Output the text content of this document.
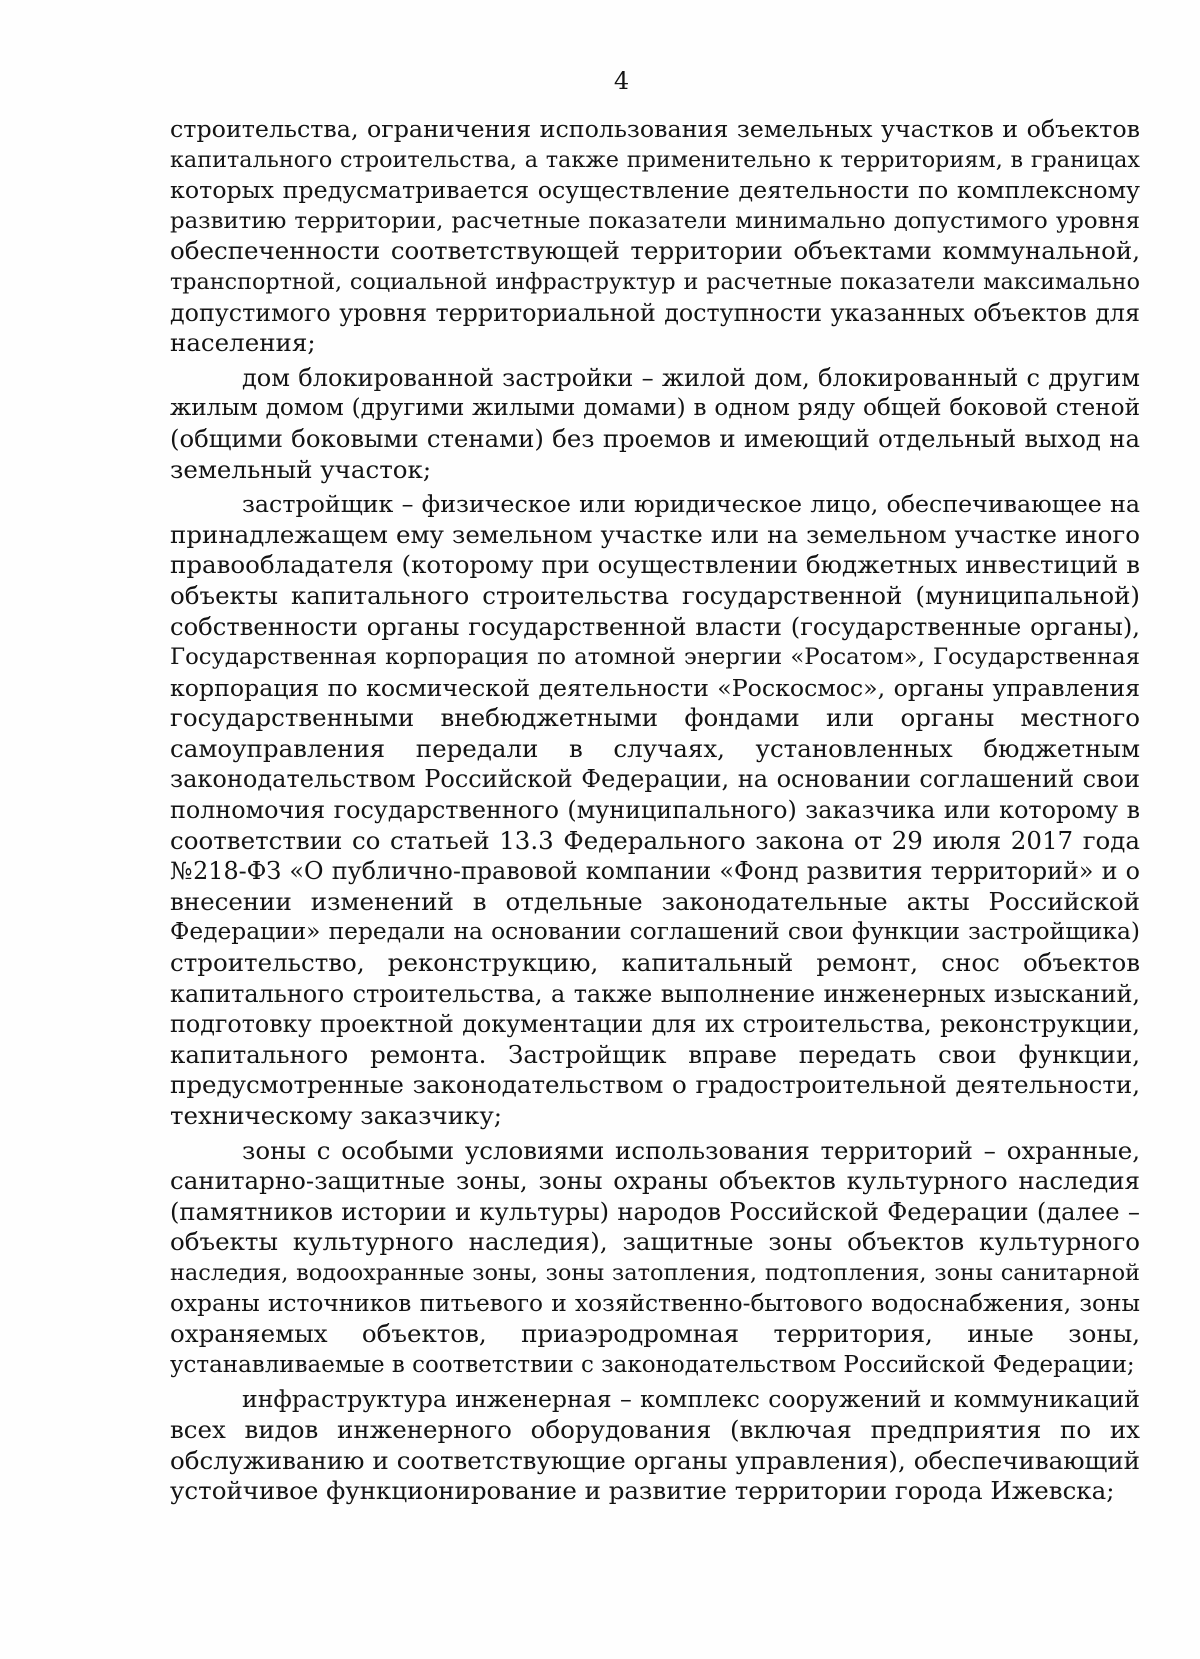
4
строительства, ограничения использования земельных участков и объектов
капитального строительства, а также применительно к территориям, в границах
которых предусматривается осуществление деятельности по комплексному
развитию территории, расчетные показатели минимально допустимого уровня
обеспеченности соответствующей территории объектами коммунальной,
транспортной, социальной инфраструктур и расчетные показатели максимально
допустимого уровня территориальной доступности указанных объектов для
населения;
дом блокированной застройки – жилой дом, блокированный с другим
жилым домом (другими жилыми домами) в одном ряду общей боковой стеной
(общими боковыми стенами) без проемов и имеющий отдельный выход на
земельный участок;
застройщик – физическое или юридическое лицо, обеспечивающее на
принадлежащем ему земельном участке или на земельном участке иного
правообладателя (которому при осуществлении бюджетных инвестиций в
объекты капитального строительства государственной (муниципальной)
собственности органы государственной власти (государственные органы),
Государственная корпорация по атомной энергии «Росатом», Государственная
корпорация по космической деятельности «Роскосмос», органы управления
государственными внебюджетными фондами или органы местного
самоуправления передали в случаях, установленных бюджетным
законодательством Российской Федерации, на основании соглашений свои
полномочия государственного (муниципального) заказчика или которому в
соответствии со статьей 13.3 Федерального закона от 29 июля 2017 года
№218-ФЗ «О публично-правовой компании «Фонд развития территорий» и о
внесении изменений в отдельные законодательные акты Российской
Федерации» передали на основании соглашений свои функции застройщика)
строительство, реконструкцию, капитальный ремонт, снос объектов
капитального строительства, а также выполнение инженерных изысканий,
подготовку проектной документации для их строительства, реконструкции,
капитального ремонта. Застройщик вправе передать свои функции,
предусмотренные законодательством о градостроительной деятельности,
техническому заказчику;
зоны с особыми условиями использования территорий – охранные,
санитарно-защитные зоны, зоны охраны объектов культурного наследия
(памятников истории и культуры) народов Российской Федерации (далее –
объекты культурного наследия), защитные зоны объектов культурного
наследия, водоохранные зоны, зоны затопления, подтопления, зоны санитарной
охраны источников питьевого и хозяйственно-бытового водоснабжения, зоны
охраняемых объектов, приаэродромная территория, иные зоны,
устанавливаемые в соответствии с законодательством Российской Федерации;
инфраструктура инженерная – комплекс сооружений и коммуникаций
всех видов инженерного оборудования (включая предприятия по их
обслуживанию и соответствующие органы управления), обеспечивающий
устойчивое функционирование и развитие территории города Ижевска;
